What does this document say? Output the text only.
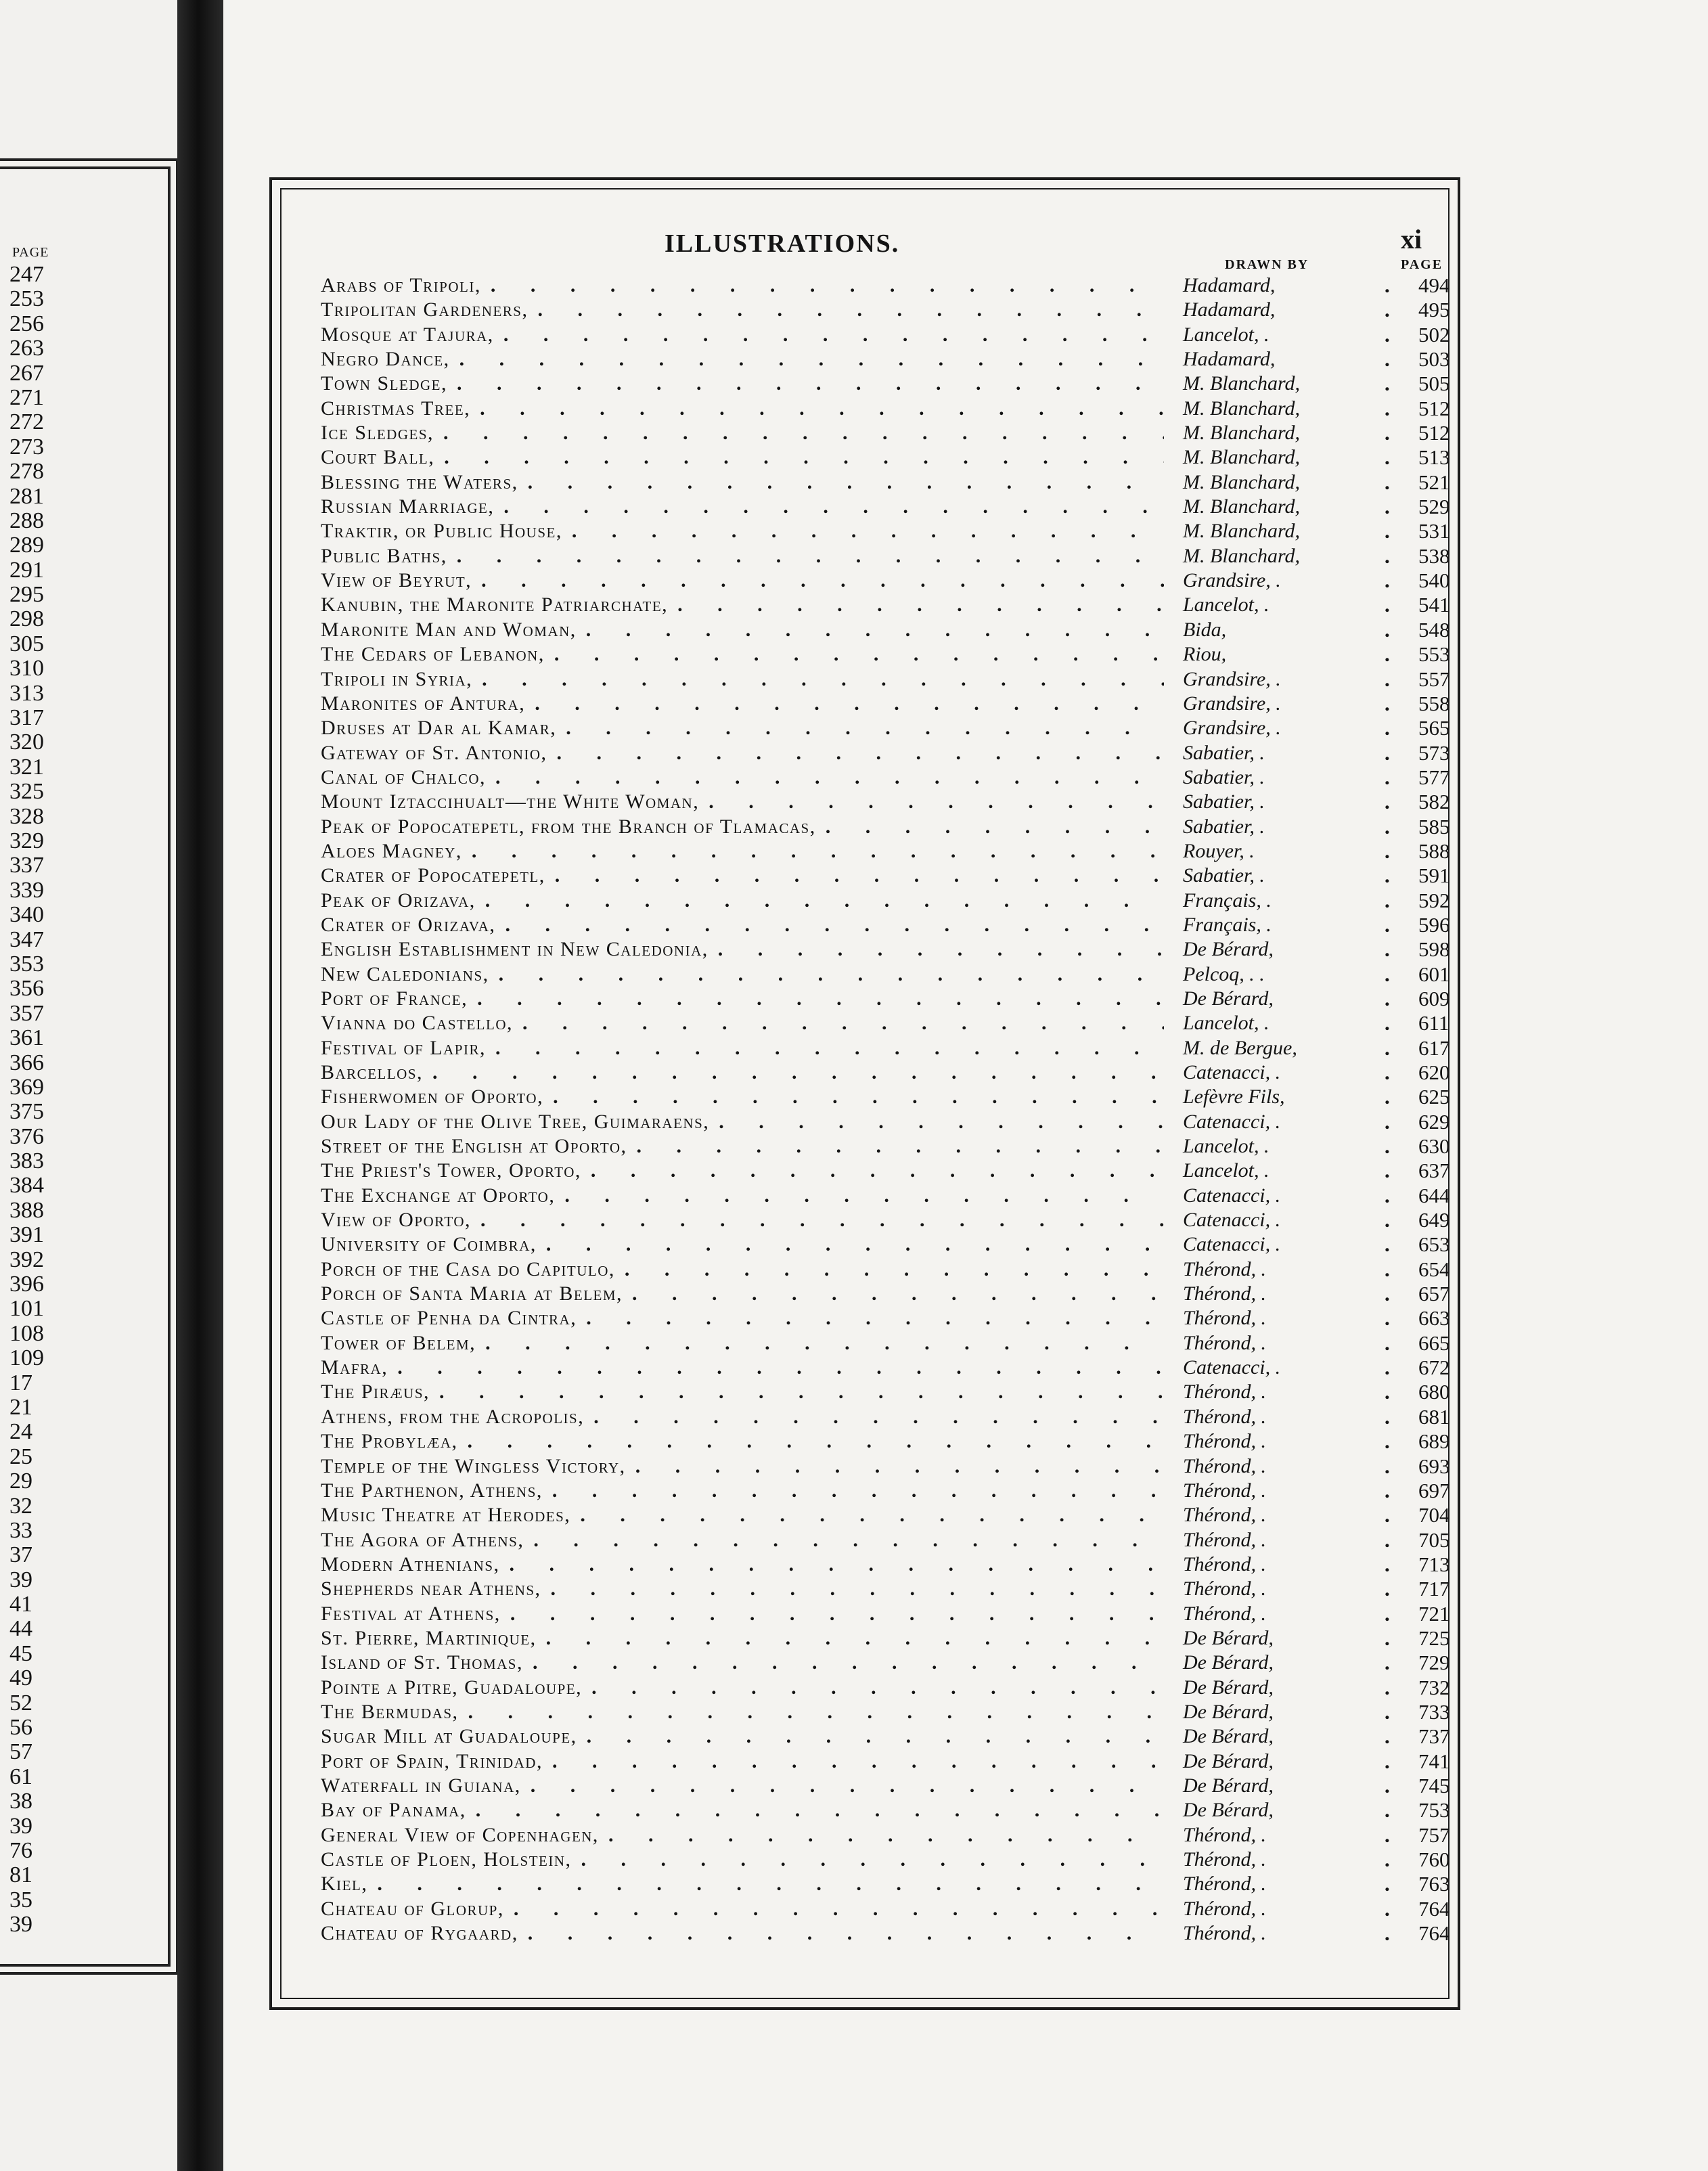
PAGE
247
253
256
263
267
271
272
273
278
281
288
289
291
295
298
305
310
313
317
320
321
325
328
329
337
339
340
347
353
356
357
361
366
369
375
376
383
384
388
391
392
396
101
108
109
17
21
24
25
29
32
33
37
39
41
44
45
49
52
56
57
61
38
39
76
81
35
39
ILLUSTRATIONS.	xi
DRAWN BY	PAGE
Arabs of Tripoli, . . .	Hadamard,	. 494
Tripolitan Gardeners, . . .	Hadamard,	. 495
Mosque at Tajura, . . .	Lancelot, .	. 502
Negro Dance, . . .	Hadamard,	. 503
Town Sledge, . . .	M. Blanchard,	. 505
Christmas Tree, . . .	M. Blanchard,	. 512
Ice Sledges, . . .	M. Blanchard,	. 512
Court Ball, . . .	M. Blanchard,	. 513
Blessing the Waters, . . .	M. Blanchard,	. 521
Russian Marriage, . . .	M. Blanchard,	. 529
Traktir, or Public House, . . .	M. Blanchard,	. 531
Public Baths, . . .	M. Blanchard,	. 538
View of Beyrut, . . .	Grandsire, .	. 540
Kanubin, the Maronite Patriarchate, . . .	Lancelot, .	. 541
Maronite Man and Woman, . . .	Bida,	. 548
The Cedars of Lebanon, . . .	Riou,	. 553
Tripoli in Syria, . . .	Grandsire, .	. 557
Maronites of Antura, . . .	Grandsire, .	. 558
Druses at Dar al Kamar, . . .	Grandsire, .	. 565
Gateway of St. Antonio, . . .	Sabatier, .	. 573
Canal of Chalco, . . .	Sabatier, .	. 577
Mount Iztaccihualt—the White Woman, . . .	Sabatier, .	. 582
Peak of Popocatepetl, from the Branch of Tlamacas, . . .	Sabatier, .	. 585
Aloes Magney, . . .	Rouyer, .	. 588
Crater of Popocatepetl, . . .	Sabatier, .	. 591
Peak of Orizava, . . .	Français, .	. 592
Crater of Orizava, . . .	Français, .	. 596
English Establishment in New Caledonia, . . .	De Bérard,	. 598
New Caledonians, . . .	Pelcoq, . .	. 601
Port of France, . . .	De Bérard,	. 609
Vianna do Castello, . . .	Lancelot, .	. 611
Festival of Lapir, . . .	M. de Bergue,	. 617
Barcellos, . . .	Catenacci, .	. 620
Fisherwomen of Oporto, . . .	Lefèvre Fils,	. 625
Our Lady of the Olive Tree, Guimaraens, . . .	Catenacci, .	. 629
Street of the English at Oporto, . . .	Lancelot, .	. 630
The Priest's Tower, Oporto, . . .	Lancelot, .	. 637
The Exchange at Oporto, . . .	Catenacci, .	. 644
View of Oporto, . . .	Catenacci, .	. 649
University of Coimbra, . . .	Catenacci, .	. 653
Porch of the Casa do Capitulo, . . .	Thérond, .	. 654
Porch of Santa Maria at Belem, . . .	Thérond, .	. 657
Castle of Penha da Cintra, . . .	Thérond, .	. 663
Tower of Belem, . . .	Thérond, .	. 665
Mafra, . . .	Catenacci, .	. 672
The Piræus, . . .	Thérond, .	. 680
Athens, from the Acropolis, . . .	Thérond, .	. 681
The Probylæa, . . .	Thérond, .	. 689
Temple of the Wingless Victory, . . .	Thérond, .	. 693
The Parthenon, Athens, . . .	Thérond, .	. 697
Music Theatre at Herodes, . . .	Thérond, .	. 704
The Agora of Athens, . . .	Thérond, .	. 705
Modern Athenians, . . .	Thérond, .	. 713
Shepherds near Athens, . . .	Thérond, .	. 717
Festival at Athens, . . .	Thérond, .	. 721
St. Pierre, Martinique, . . .	De Bérard,	. 725
Island of St. Thomas, . . .	De Bérard,	. 729
Pointe a Pitre, Guadaloupe, . . .	De Bérard,	. 732
The Bermudas, . . .	De Bérard,	. 733
Sugar Mill at Guadaloupe, . . .	De Bérard,	. 737
Port of Spain, Trinidad, . . .	De Bérard,	. 741
Waterfall in Guiana, . . .	De Bérard,	. 745
Bay of Panama, . . .	De Bérard,	. 753
General View of Copenhagen, . . .	Thérond, .	. 757
Castle of Ploen, Holstein, . . .	Thérond, .	. 760
Kiel, . . .	Thérond, .	. 763
Chateau of Glorup, . . .	Thérond, .	. 764
Chateau of Rygaard, . . .	Thérond, .	. 764
